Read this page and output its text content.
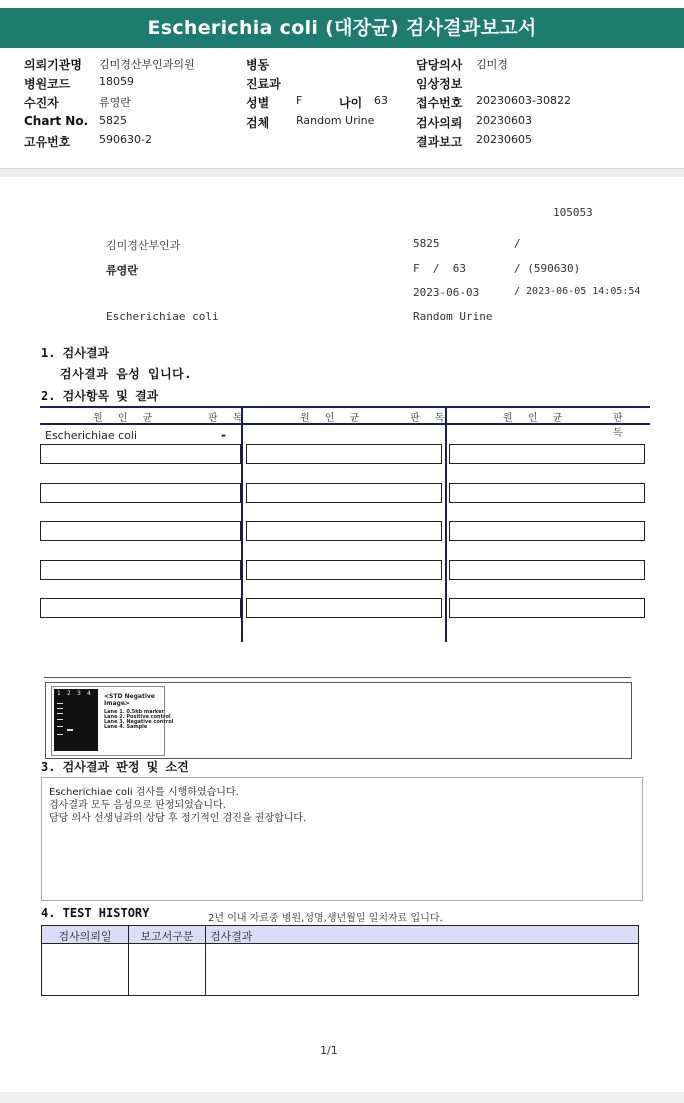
Escherichia coli (대장균) 검사결과보고서
의뢰기관명 김미경산부인과의원
병원코드	18059
수진자	류영란
Chart No. 5825
고유번호	590630-2
병동
진료과
성별 F	나이 63
검체 Random Urine
담당의사 김미경
임상정보
접수번호 20230603-30822
검사의뢰 20230603
결과보고 20230605
105053
김미경산부인과	5825	/
류영란	F  /  63	/ (590630)
2023-06-03	/ 2023-06-05 14:05:54
Escherichiae coli	Random Urine
1. 검사결과
검사결과 음성 입니다.
2. 검사항목 및 결과
원 인 균	판 독	원 인 균	판 독	원 인 균	판 독
Escherichiae coli	-
1 2 3 4 <STD Negative Image>
Lane 1. 0.5kb marker
Lane 2. Positive control
Lane 3. Negative control
Lane 4. Sample
3. 검사결과 판정 및 소견
Escherichiae coli 검사를 시행하였습니다.
검사결과 모두 음성으로 판정되었습니다.
담당 의사 선생님과의 상담 후 정기적인 검진을 권장합니다.
4. TEST HISTORY	2년 이내 자료중 병원,성명,생년월일 일치자료 입니다.
검사의뢰일	보고서구분	검사결과
1/1
